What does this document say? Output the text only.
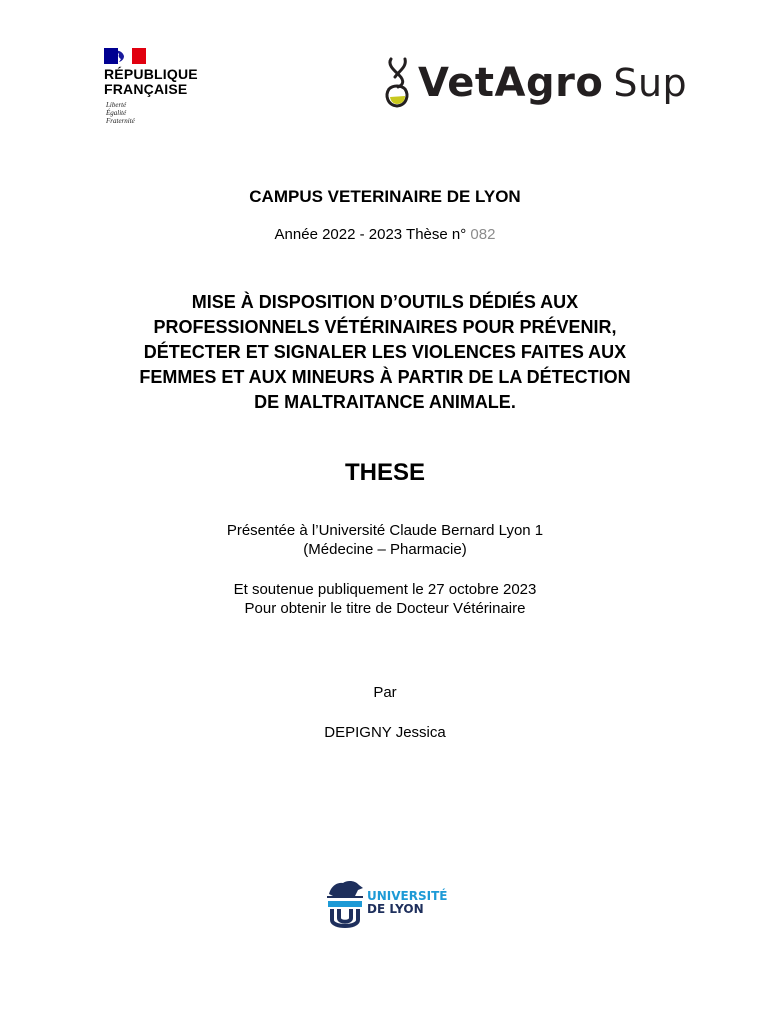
RÉPUBLIQUE
FRANÇAISE
Liberté
Égalité
Fraternité
VetAgro Sup
CAMPUS VETERINAIRE DE LYON
Année 2022 - 2023 Thèse n° 082
MISE À DISPOSITION D’OUTILS DÉDIÉS AUX
PROFESSIONNELS VÉTÉRINAIRES POUR PRÉVENIR,
DÉTECTER ET SIGNALER LES VIOLENCES FAITES AUX
FEMMES ET AUX MINEURS À PARTIR DE LA DÉTECTION
DE MALTRAITANCE ANIMALE.
THESE
Présentée à l’Université Claude Bernard Lyon 1
(Médecine – Pharmacie)
Et soutenue publiquement le 27 octobre 2023
Pour obtenir le titre de Docteur Vétérinaire
Par
DEPIGNY Jessica
UNIVERSITÉ
DE LYON
